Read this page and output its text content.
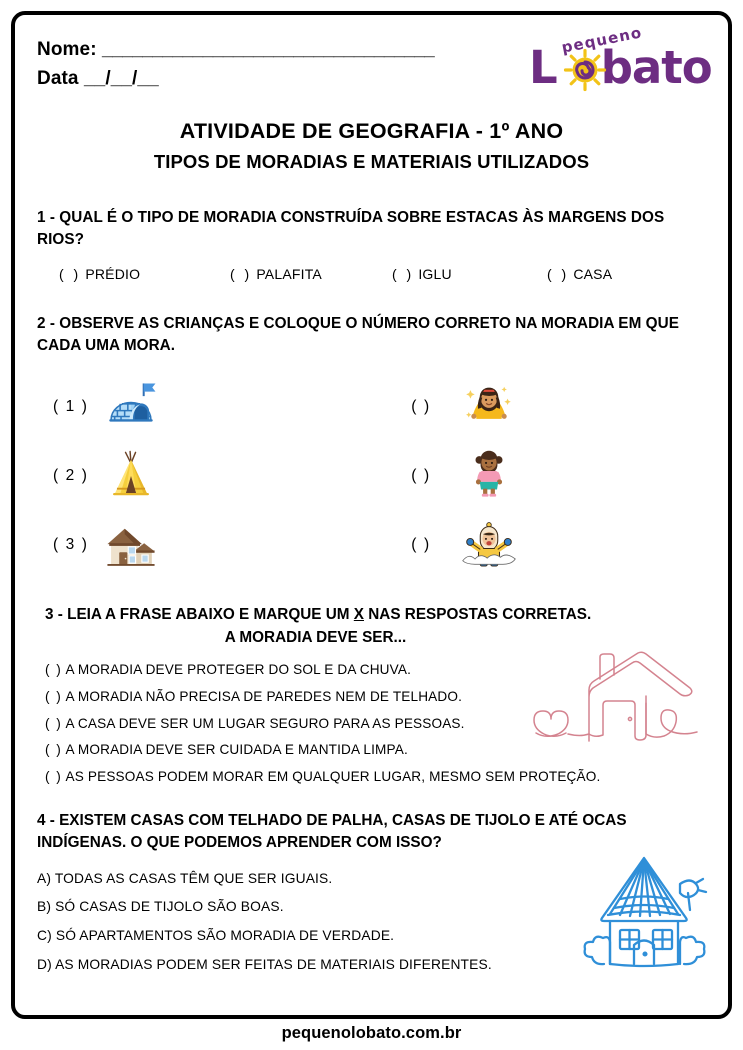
Nome: _________________________________
Data __/__/__
pequeno
L bato
ATIVIDADE DE GEOGRAFIA - 1º ANO
TIPOS DE MORADIAS E MATERIAIS UTILIZADOS
1 - QUAL É O TIPO DE MORADIA CONSTRUÍDA SOBRE ESTACAS ÀS MARGENS DOS RIOS?
( ) PRÉDIO	( ) PALAFITA	( ) IGLU	( ) CASA
2 - OBSERVE AS CRIANÇAS E COLOQUE O NÚMERO CORRETO NA MORADIA EM QUE CADA UMA MORA.
( 1 )
( 2 )
( 3 )
( )
( )
( )
3 - LEIA A FRASE ABAIXO E MARQUE UM X NAS RESPOSTAS CORRETAS.
A MORADIA DEVE SER...
( ) A MORADIA DEVE PROTEGER DO SOL E DA CHUVA.
( ) A MORADIA NÃO PRECISA DE PAREDES NEM DE TELHADO.
( ) A CASA DEVE SER UM LUGAR SEGURO PARA AS PESSOAS.
( ) A MORADIA DEVE SER CUIDADA E MANTIDA LIMPA.
( ) AS PESSOAS PODEM MORAR EM QUALQUER LUGAR, MESMO SEM PROTEÇÃO.
4 - EXISTEM CASAS COM TELHADO DE PALHA, CASAS DE TIJOLO E ATÉ OCAS INDÍGENAS. O QUE PODEMOS APRENDER COM ISSO?
A) TODAS AS CASAS TÊM QUE SER IGUAIS.
B) SÓ CASAS DE TIJOLO SÃO BOAS.
C) SÓ APARTAMENTOS SÃO MORADIA DE VERDADE.
D) AS MORADIAS PODEM SER FEITAS DE MATERIAIS DIFERENTES.
pequenolobato.com.br
